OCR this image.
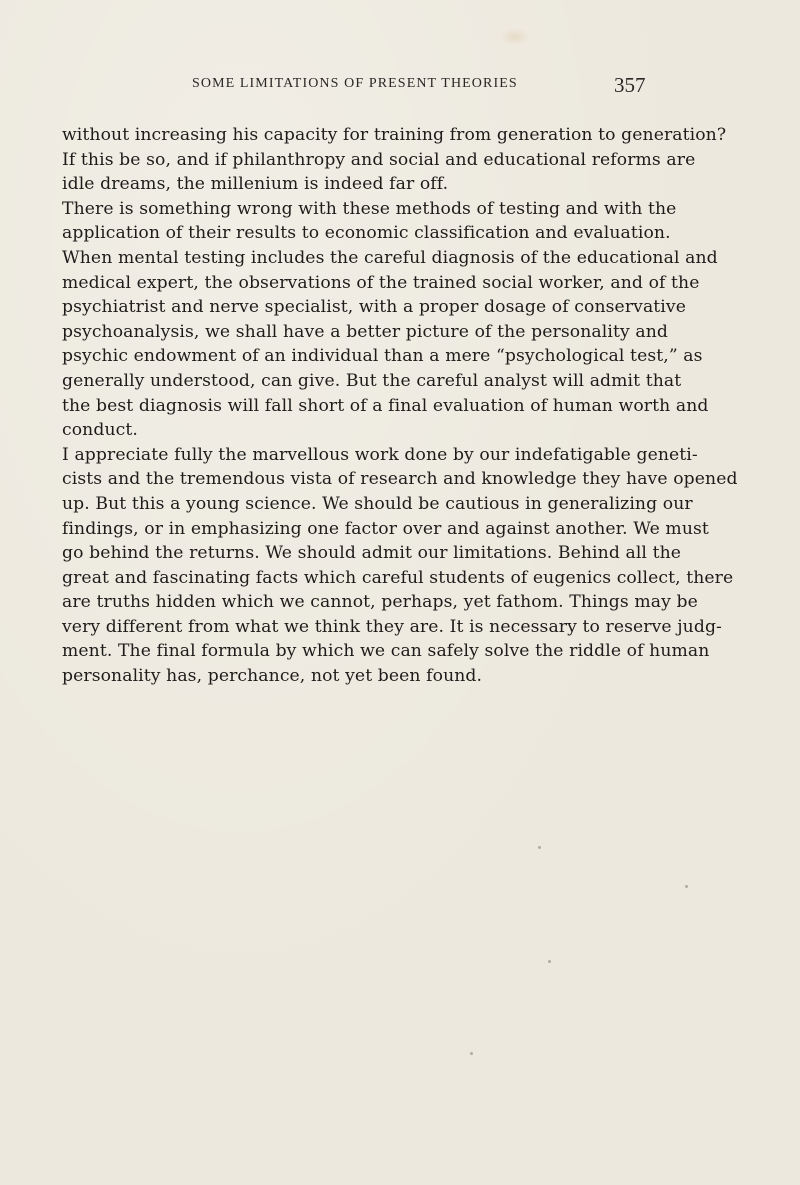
SOME LIMITATIONS OF PRESENT THEORIES	357
without increasing his capacity for training from generation to generation?
If this be so, and if philanthropy and social and educational reforms are
idle dreams, the millenium is indeed far off.
There is something wrong with these methods of testing and with the
application of their results to economic classification and evaluation.
When mental testing includes the careful diagnosis of the educational and
medical expert, the observations of the trained social worker, and of the
psychiatrist and nerve specialist, with a proper dosage of conservative
psychoanalysis, we shall have a better picture of the personality and
psychic endowment of an individual than a mere “psychological test,” as
generally understood, can give. But the careful analyst will admit that
the best diagnosis will fall short of a final evaluation of human worth and
conduct.
I appreciate fully the marvellous work done by our indefatigable geneti-
cists and the tremendous vista of research and knowledge they have opened
up. But this a young science. We should be cautious in generalizing our
findings, or in emphasizing one factor over and against another. We must
go behind the returns. We should admit our limitations. Behind all the
great and fascinating facts which careful students of eugenics collect, there
are truths hidden which we cannot, perhaps, yet fathom. Things may be
very different from what we think they are. It is necessary to reserve judg-
ment. The final formula by which we can safely solve the riddle of human
personality has, perchance, not yet been found.
